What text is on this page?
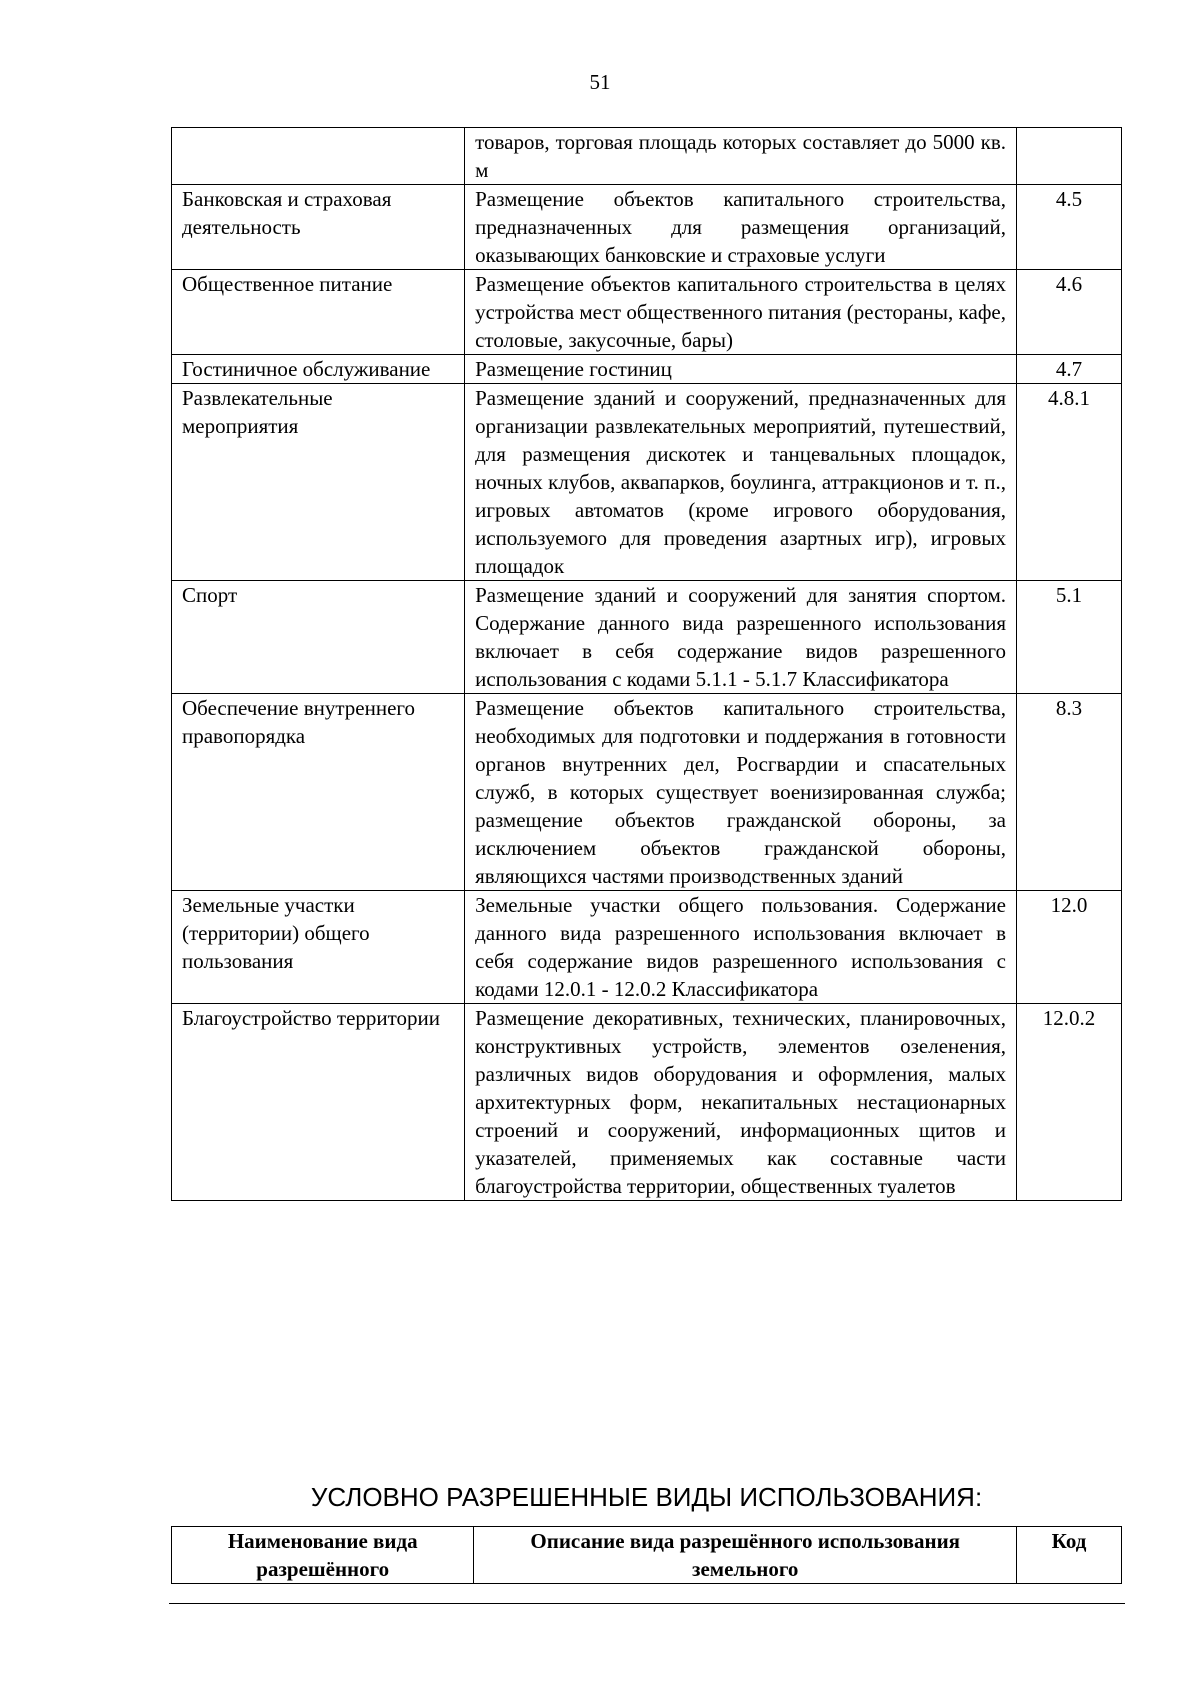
51
	товаров, торговая площадь которых составляет до 5000 кв. м	
Банковская и страховая деятельность	Размещение объектов капитального строительства, предназначенных для размещения организаций, оказывающих банковские и страховые услуги	4.5
Общественное питание	Размещение объектов капитального строительства в целях устройства мест общественного питания (рестораны, кафе, столовые, закусочные, бары)	4.6
Гостиничное обслуживание	Размещение гостиниц	4.7
Развлекательные мероприятия	Размещение зданий и сооружений, предназначенных для организации развлекательных мероприятий, путешествий, для размещения дискотек и танцевальных площадок, ночных клубов, аквапарков, боулинга, аттракционов и т. п., игровых автоматов (кроме игрового оборудования, используемого для проведения азартных игр), игровых площадок	4.8.1
Спорт	Размещение зданий и сооружений для занятия спортом. Содержание данного вида разрешенного использования включает в себя содержание видов разрешенного использования с кодами 5.1.1 - 5.1.7 Классификатора	5.1
Обеспечение внутреннего правопорядка	Размещение объектов капитального строительства, необходимых для подготовки и поддержания в готовности органов внутренних дел, Росгвардии и спасательных служб, в которых существует военизированная служба; размещение объектов гражданской обороны, за исключением объектов гражданской обороны, являющихся частями производственных зданий	8.3
Земельные участки (территории) общего пользования	Земельные участки общего пользования. Содержание данного вида разрешенного использования включает в себя содержание видов разрешенного использования с кодами 12.0.1 - 12.0.2 Классификатора	12.0
Благоустройство территории	Размещение декоративных, технических, планировочных, конструктивных устройств, элементов озеленения, различных видов оборудования и оформления, малых архитектурных форм, некапитальных нестационарных строений и сооружений, информационных щитов и указателей, применяемых как составные части благоустройства территории, общественных туалетов	12.0.2
УСЛОВНО РАЗРЕШЕННЫЕ ВИДЫ ИСПОЛЬЗОВАНИЯ:
Наименование вида разрешённого	Описание вида разрешённого использования земельного	Код
